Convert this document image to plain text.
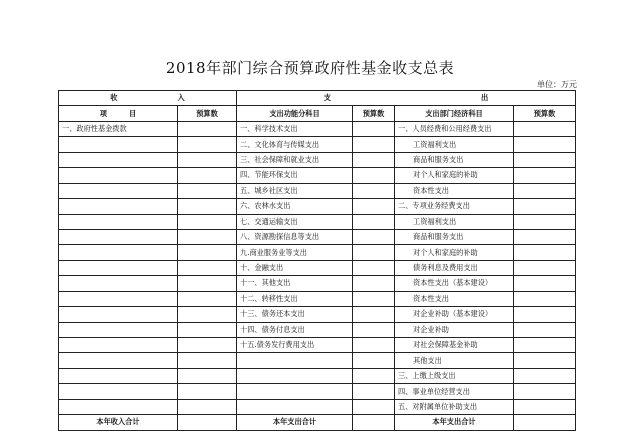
2018年部门综合预算政府性基金收支总表
单位：万元
收 入		支 出			
项 目	预算数	支出功能分科目	预算数	支出部门经济科目	预算数
一、政府性基金拨款		一、科学技术支出		一、人员经费和公用经费支出	
		二、文化体育与传媒支出		工资福利支出	
		三、社会保障和就业支出		商品和服务支出	
		四、节能环保支出		对个人和家庭的补助	
		五、城乡社区支出		资本性支出	
		六、农林水支出		二、专项业务经费支出	
		七、交通运输支出		工资福利支出	
		八、资源勘探信息等支出		商品和服务支出	
		九.商业服务业等支出		对个人和家庭的补助	
		十、金融支出		债务利息及费用支出	
		十一、其他支出		资本性支出（基本建设）	
		十二、转移性支出		资本性支出	
		十三、债务还本支出		对企业补助（基本建设）	
		十四、债务付息支出		对企业补助	
		十五.债务发行费用支出		对社会保障基金补助	
				其他支出	
				三、上缴上级支出	
				四、事业单位经营支出	
				五、对附属单位补助支出	
本年收入合计		本年支出合计		本年支出合计	
